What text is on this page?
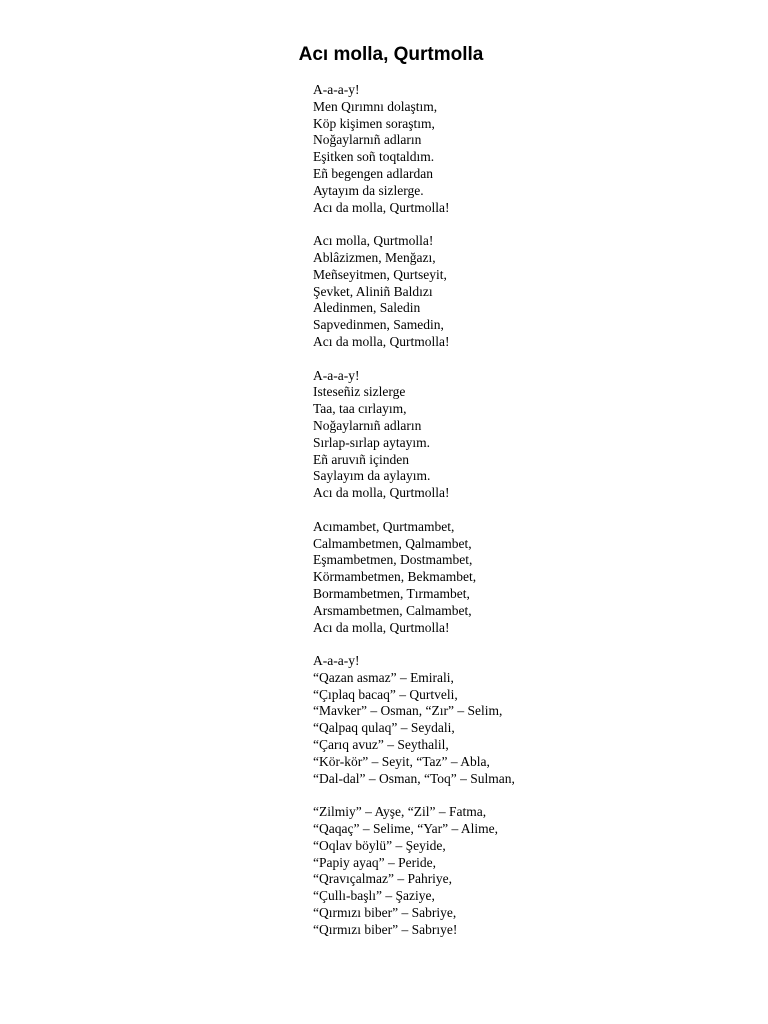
Acı molla, Qurtmolla
A-a-a-y!
Men Qırımnı dolaştım,
Köp kişimen soraştım,
Noğaylarnıñ adların
Eşitken soñ toqtaldım.
Eñ begengen adlardan
Aytayım da sizlerge.
Acı da molla, Qurtmolla!
Acı molla, Qurtmolla!
Ablâzizmen, Menğazı,
Meñseyitmen, Qurtseyit,
Şevket, Aliniñ Baldızı
Aledinmen, Saledin
Sapvedinmen, Samedin,
Acı da molla, Qurtmolla!
A-a-a-y!
Isteseñiz sizlerge
Taa, taa cırlayım,
Noğaylarnıñ adların
Sırlap-sırlap aytayım.
Eñ aruvıñ içinden
Saylayım da aylayım.
Acı da molla, Qurtmolla!
Acımambet, Qurtmambet,
Calmambetmen, Qalmambet,
Eşmambetmen, Dostmambet,
Körmambetmen, Bekmambet,
Bormambetmen, Tırmambet,
Arsmambetmen, Calmambet,
Acı da molla, Qurtmolla!
A-a-a-y!
“Qazan asmaz” – Emirali,
“Çıplaq bacaq” – Qurtveli,
“Mavker” – Osman, “Zır” – Selim,
“Qalpaq qulaq” – Seydali,
“Çarıq avuz” – Seythalil,
“Kör-kör” – Seyit, “Taz” – Abla,
“Dal-dal” – Osman, “Toq” – Sulman,
“Zilmiy” – Ayşe, “Zil” – Fatma,
“Qaqaç” – Selime, “Yar” – Alime,
“Oqlav böylü” – Şeyide,
“Papiy ayaq” – Peride,
“Qravıçalmaz” – Pahriye,
“Çullı-başlı” – Şaziye,
“Qırmızı biber” – Sabriye,
“Qırmızı biber” – Sabrıye!
